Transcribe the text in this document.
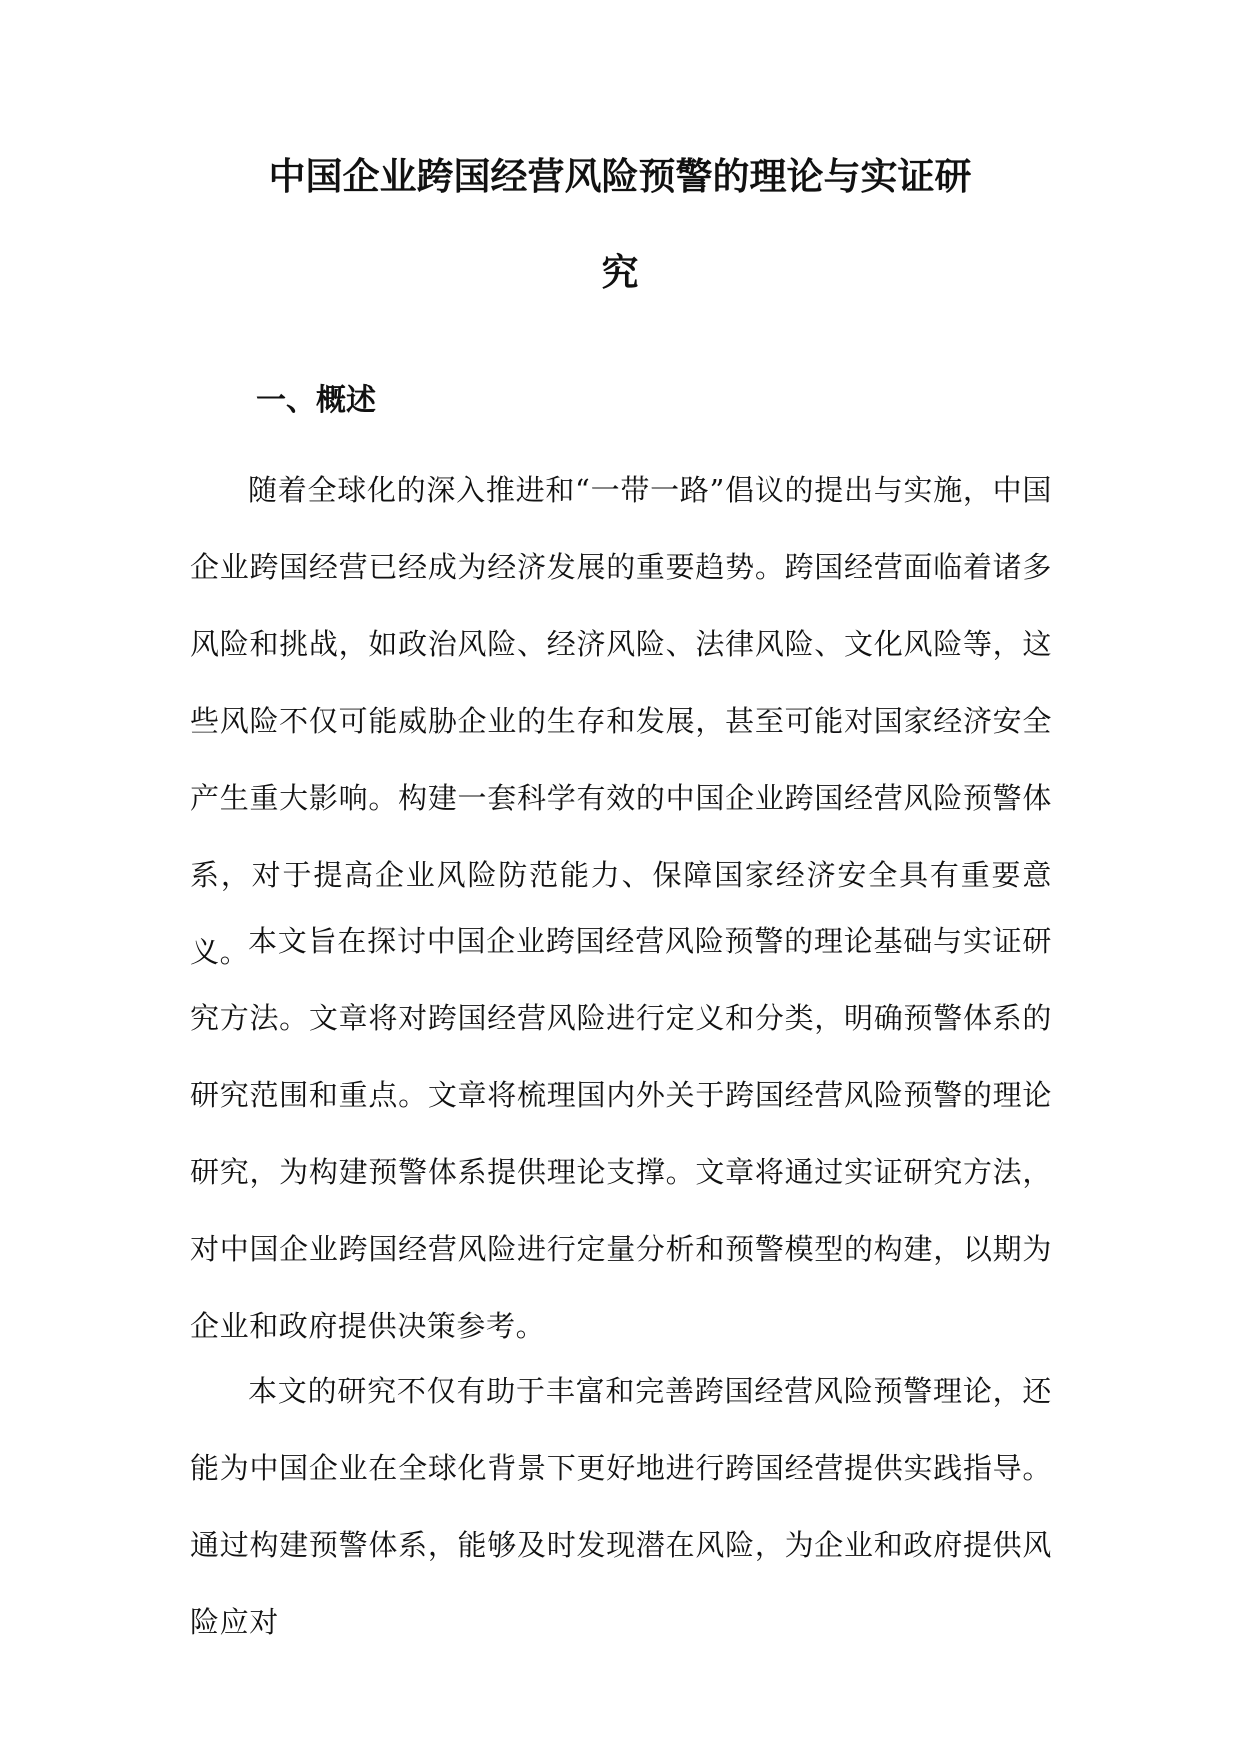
中国企业跨国经营风险预警的理论与实证研
究
一、概述

随着全球化的深入推进和“一带一路”倡议的提出与实施，中国企业跨国经营已经成为经济发展的重要趋势。跨国经营面临着诸多风险和挑战，如政治风险、经济风险、法律风险、文化风险等，这些风险不仅可能威胁企业的生存和发展，甚至可能对国家经济安全产生重大影响。构建一套科学有效的中国企业跨国经营风险预警体系，对于提高企业风险防范能力、保障国家经济安全具有重要意义。

本文旨在探讨中国企业跨国经营风险预警的理论基础与实证研究方法。文章将对跨国经营风险进行定义和分类，明确预警体系的研究范围和重点。文章将梳理国内外关于跨国经营风险预警的理论研究，为构建预警体系提供理论支撑。文章将通过实证研究方法，对中国企业跨国经营风险进行定量分析和预警模型的构建，以期为企业和政府提供决策参考。

本文的研究不仅有助于丰富和完善跨国经营风险预警理论，还能为中国企业在全球化背景下更好地进行跨国经营提供实践指导。通过构建预警体系，能够及时发现潜在风险，为企业和政府提供风险应对
